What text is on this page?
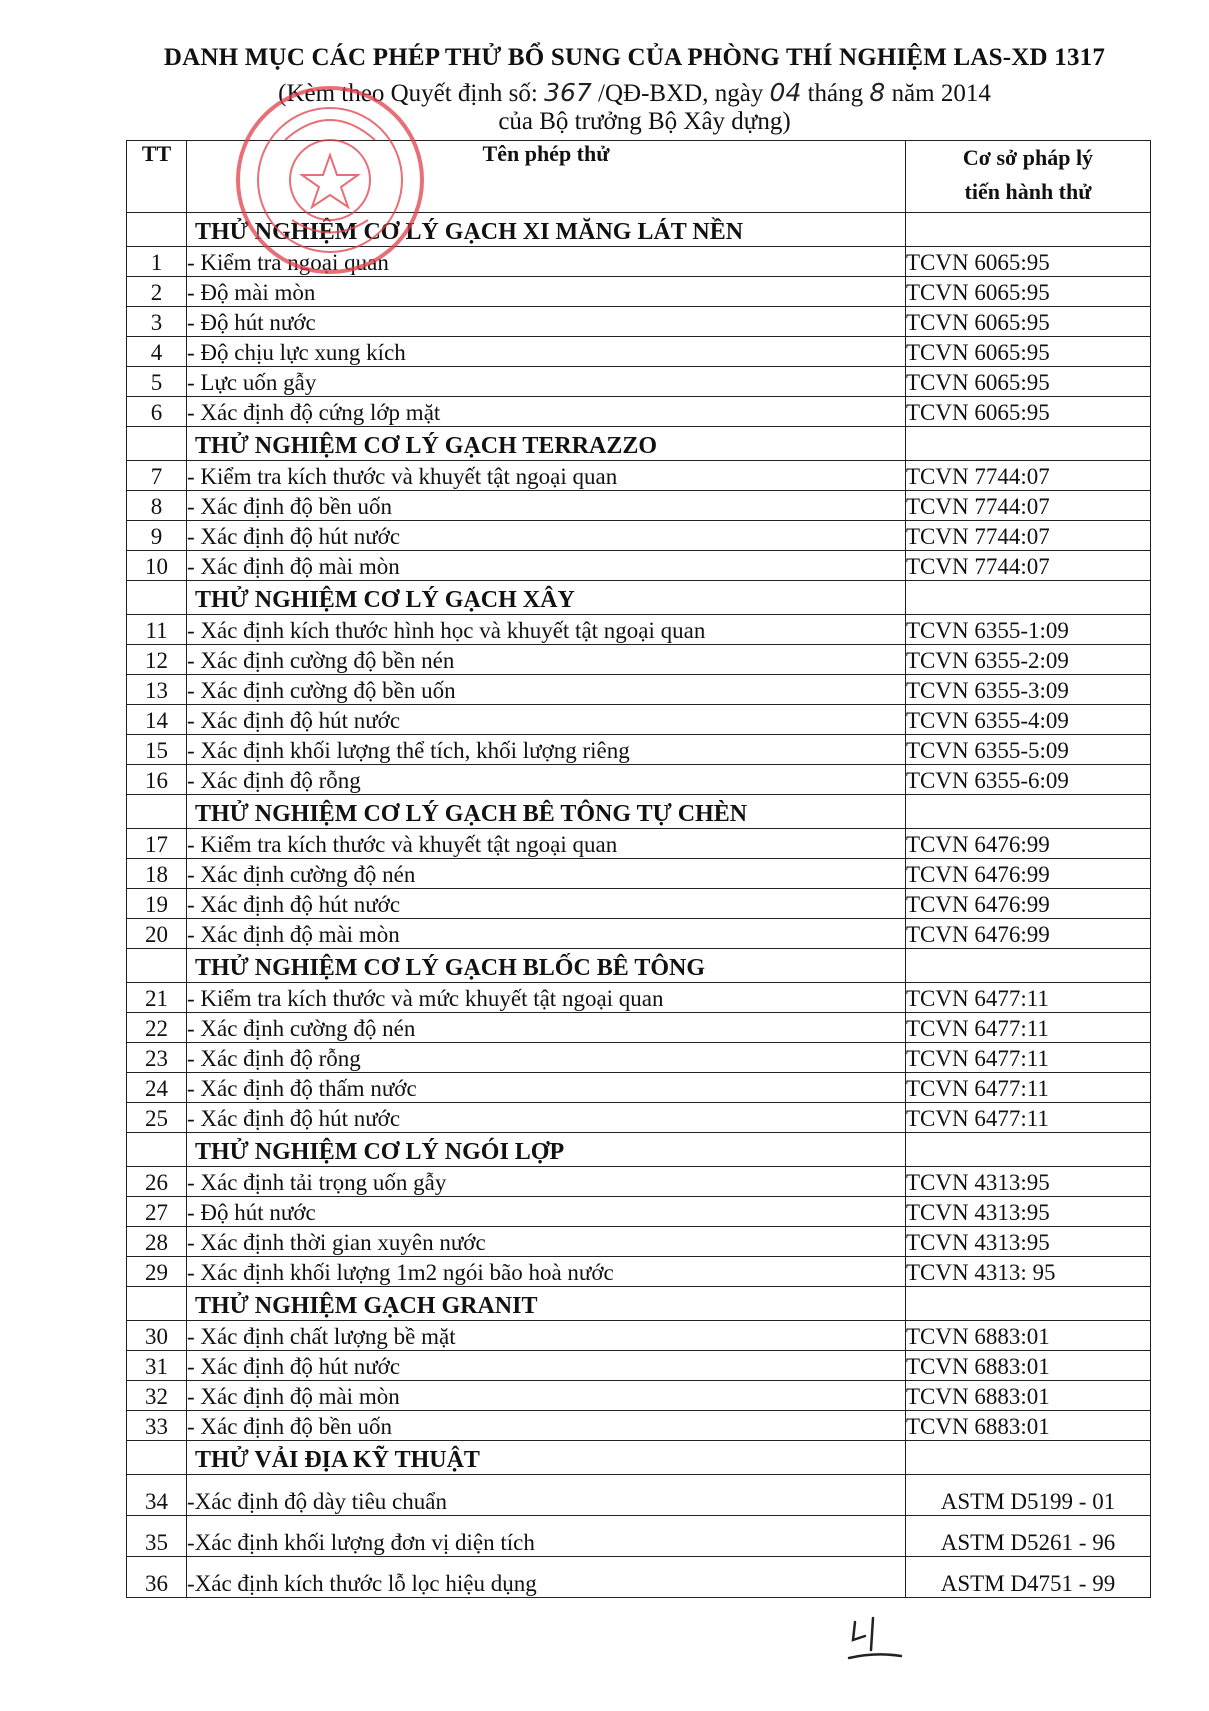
DANH MỤC CÁC PHÉP THỬ BỔ SUNG CỦA PHÒNG THÍ NGHIỆM LAS-XD 1317
(Kèm theo Quyết định số: 367 /QĐ-BXD, ngày 04 tháng 8 năm 2014
của Bộ trưởng Bộ Xây dựng)
TT	Tên phép thử	Cơ sở pháp lý
tiến hành thử

	THỬ NGHIỆM CƠ LÝ GẠCH XI MĂNG LÁT NỀN	
1	- Kiểm tra ngoại quan	TCVN 6065:95
2	- Độ mài mòn	TCVN 6065:95
3	- Độ hút nước	TCVN 6065:95
4	- Độ chịu lực xung kích	TCVN 6065:95
5	- Lực uốn gẫy	TCVN 6065:95
6	- Xác định độ cứng lớp mặt	TCVN 6065:95
	THỬ NGHIỆM CƠ LÝ GẠCH TERRAZZO	
7	- Kiểm tra kích thước và khuyết tật ngoại quan	TCVN 7744:07
8	- Xác định độ bền uốn	TCVN 7744:07
9	- Xác định độ hút nước	TCVN 7744:07
10	- Xác định độ mài mòn	TCVN 7744:07
	THỬ NGHIỆM CƠ LÝ GẠCH XÂY	
11	- Xác định kích thước hình học và khuyết tật ngoại quan	TCVN 6355-1:09
12	- Xác định cường độ bền nén	TCVN 6355-2:09
13	- Xác định cường độ bền uốn	TCVN 6355-3:09
14	- Xác định độ hút nước	TCVN 6355-4:09
15	- Xác định khối lượng thể tích, khối lượng riêng	TCVN 6355-5:09
16	- Xác định độ rỗng	TCVN 6355-6:09
	THỬ NGHIỆM CƠ LÝ GẠCH BÊ TÔNG TỰ CHÈN	
17	- Kiểm tra kích thước và khuyết tật ngoại quan	TCVN 6476:99
18	- Xác định cường độ nén	TCVN 6476:99
19	- Xác định độ hút nước	TCVN 6476:99
20	- Xác định độ mài mòn	TCVN 6476:99
	THỬ NGHIỆM CƠ LÝ GẠCH BLỐC BÊ TÔNG	
21	- Kiểm tra kích thước và mức khuyết tật ngoại quan	TCVN 6477:11
22	- Xác định cường độ nén	TCVN 6477:11
23	- Xác định độ rỗng	TCVN 6477:11
24	- Xác định độ thấm nước	TCVN 6477:11
25	- Xác định độ hút nước	TCVN 6477:11
	THỬ NGHIỆM CƠ LÝ NGÓI LỢP	
26	- Xác định tải trọng uốn gẫy	TCVN 4313:95
27	- Độ hút nước	TCVN 4313:95
28	- Xác định thời gian xuyên nước	TCVN 4313:95
29	- Xác định khối lượng 1m2 ngói bão hoà nước	TCVN 4313: 95
	THỬ NGHIỆM GẠCH GRANIT	
30	- Xác định chất lượng bề mặt	TCVN 6883:01
31	- Xác định độ hút nước	TCVN 6883:01
32	- Xác định độ mài mòn	TCVN 6883:01
33	- Xác định độ bền uốn	TCVN 6883:01
	THỬ VẢI ĐỊA KỸ THUẬT	
34	-Xác định độ dày tiêu chuẩn	ASTM D5199 - 01
35	-Xác định khối lượng đơn vị diện tích	ASTM D5261 - 96
36	-Xác định kích thước lỗ lọc hiệu dụng	ASTM D4751 - 99
